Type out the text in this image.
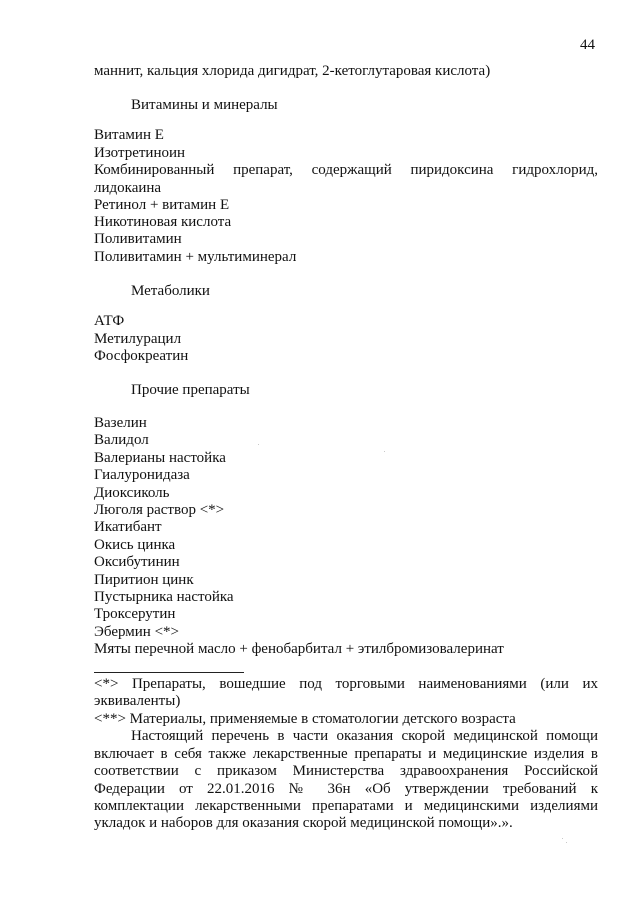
44
маннит, кальция хлорида дигидрат, 2-кетоглутаровая кислота)
Витамины и минералы
Витамин Е
Изотретиноин
Комбинированный препарат, содержащий пиридоксина гидрохлорид,
лидокаина
Ретинол + витамин Е
Никотиновая кислота
Поливитамин
Поливитамин + мультиминерал
Метаболики
АТФ
Метилурацил
Фосфокреатин
Прочие препараты
Вазелин
Валидол
Валерианы настойка
Гиалуронидаза
Диоксиколь
Люголя раствор <*>
Икатибант
Окись цинка
Оксибутинин
Пиритион цинк
Пустырника настойка
Троксерутин
Эбермин <*>
Мяты перечной масло + фенобарбитал + этилбромизовалеринат
<*> Препараты, вошедшие под торговыми наименованиями (или их
эквиваленты)
<**> Материалы, применяемые в стоматологии детского возраста
Настоящий перечень в части оказания скорой медицинской помощи
включает в себя также лекарственные препараты и медицинские изделия в
соответствии с приказом Министерства здравоохранения Российской
Федерации от 22.01.2016 № 36н «Об утверждении требований к
комплектации лекарственными препаратами и медицинскими изделиями
укладок и наборов для оказания скорой медицинской помощи».».
